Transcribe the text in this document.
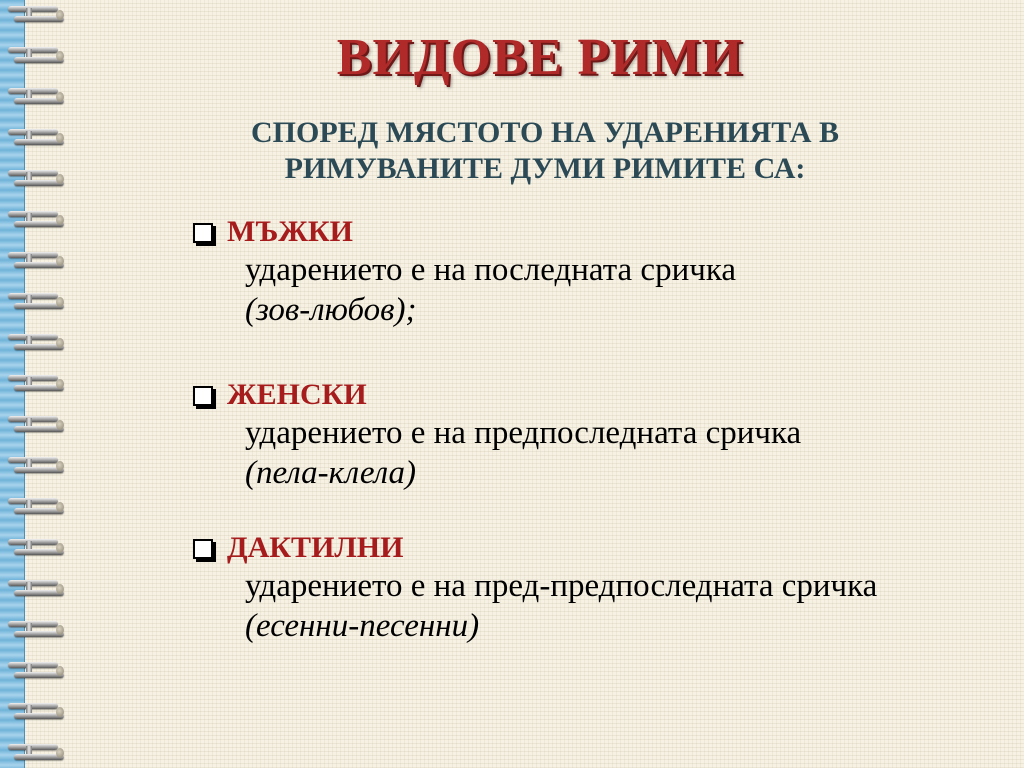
ВИДОВЕ РИМИ
СПОРЕД МЯСТОТО НА УДАРЕНИЯТА В
РИМУВАНИТЕ ДУМИ РИМИТЕ СА:
МЪЖКИ
ударението е на последната сричка
(зов-любов);
ЖЕНСКИ
ударението е на предпоследната сричка
(пела-клела)
ДАКТИЛНИ
ударението е на пред-предпоследната сричка
(есенни-песенни)
